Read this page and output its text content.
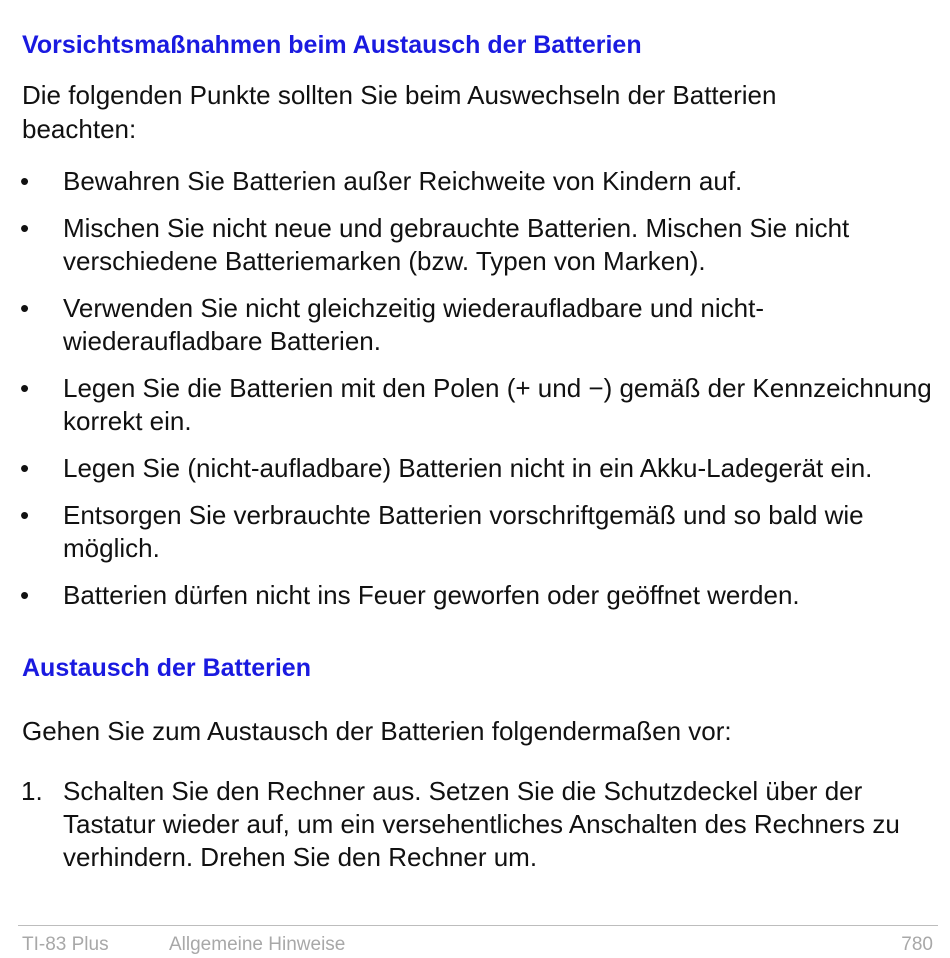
Vorsichtsmaßnahmen beim Austausch der Batterien

Die folgenden Punkte sollten Sie beim Auswechseln der Batterien beachten:

•	Bewahren Sie Batterien außer Reichweite von Kindern auf.
•	Mischen Sie nicht neue und gebrauchte Batterien. Mischen Sie nicht verschiedene Batteriemarken (bzw. Typen von Marken).
•	Verwenden Sie nicht gleichzeitig wiederaufladbare und nicht-wiederaufladbare Batterien.
•	Legen Sie die Batterien mit den Polen (+ und −) gemäß der Kennzeichnung korrekt ein.
•	Legen Sie (nicht-aufladbare) Batterien nicht in ein Akku-Ladegerät ein.
•	Entsorgen Sie verbrauchte Batterien vorschriftgemäß und so bald wie möglich.
•	Batterien dürfen nicht ins Feuer geworfen oder geöffnet werden.
Austausch der Batterien

Gehen Sie zum Austausch der Batterien folgendermaßen vor:

1. Schalten Sie den Rechner aus. Setzen Sie die Schutzdeckel über der Tastatur wieder auf, um ein versehentliches Anschalten des Rechners zu verhindern. Drehen Sie den Rechner um.
TI-83 Plus	Allgemeine Hinweise	780
